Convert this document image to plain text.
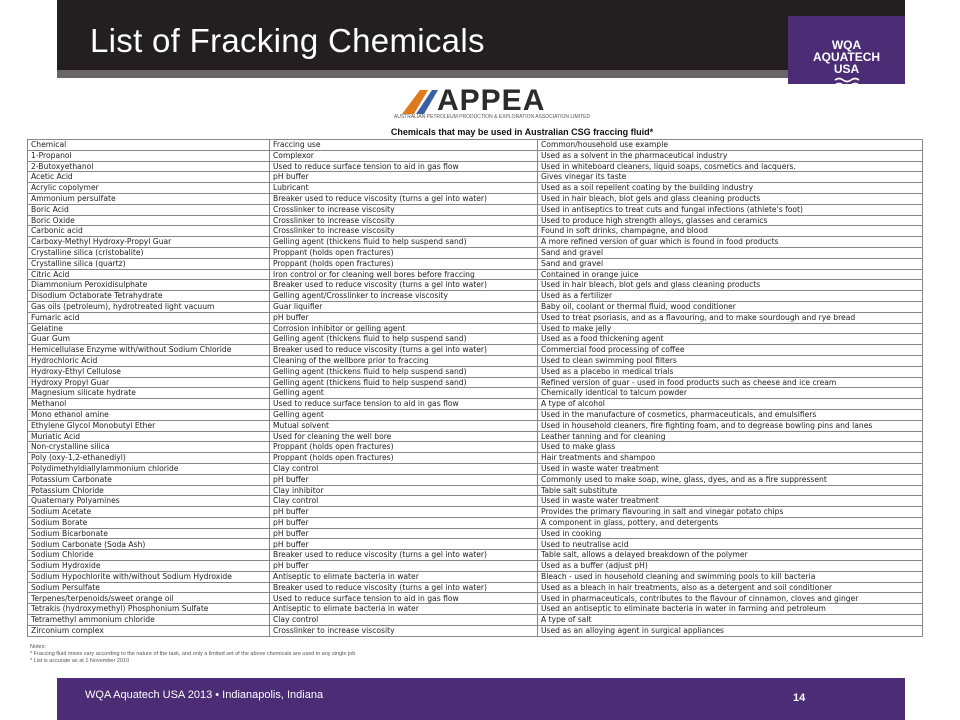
List of Fracking Chemicals	WQA
AQUATECH
USA
APPEA
AUSTRALIAN PETROLEUM PRODUCTION & EXPLORATION ASSOCIATION LIMITED
Chemicals that may be used in Australian CSG fraccing fluid*
Chemical	Fraccing use	Common/household use example
1-Propanol	Complexor	Used as a solvent in the pharmaceutical industry
2-Butoxyethanol	Used to reduce surface tension to aid in gas flow	Used in whiteboard cleaners, liquid soaps, cosmetics and lacquers.
Acetic Acid	pH buffer	Gives vinegar its taste
Acrylic copolymer	Lubricant	Used as a soil repellent coating by the building industry
Ammonium persulfate	Breaker used to reduce viscosity (turns a gel into water)	Used in hair bleach, blot gels and glass cleaning products
Boric Acid	Crosslinker to increase viscosity	Used in antiseptics to treat cuts and fungal infections (athlete's foot)
Boric Oxide	Crosslinker to increase viscosity	Used to produce high strength alloys, glasses and ceramics
Carbonic acid	Crosslinker to increase viscosity	Found in soft drinks, champagne, and blood
Carboxy-Methyl Hydroxy-Propyl Guar	Gelling agent (thickens fluid to help suspend sand)	A more refined version of guar which is found in food products
Crystalline silica (cristobalite)	Proppant (holds open fractures)	Sand and gravel
Crystalline silica (quartz)	Proppant (holds open fractures)	Sand and gravel
Citric Acid	Iron control or for cleaning well bores before fraccing	Contained in orange juice
Diammonium Peroxidisulphate	Breaker used to reduce viscosity (turns a gel into water)	Used in hair bleach, blot gels and glass cleaning products
Disodium Octaborate Tetrahydrate	Gelling agent/Crosslinker to increase viscosity	Used as a fertilizer
Gas oils (petroleum), hydrotreated light vacuum	Guar liquifier	Baby oil, coolant or thermal fluid, wood conditioner
Fumaric acid	pH buffer	Used to treat psoriasis, and as a flavouring, and to make sourdough and rye bread
Gelatine	Corrosion inhibitor or gelling agent	Used to make jelly
Guar Gum	Gelling agent (thickens fluid to help suspend sand)	Used as a food thickening agent
Hemicellulase Enzyme with/without Sodium Chloride	Breaker used to reduce viscosity (turns a gel into water)	Commercial food processing of coffee
Hydrochloric Acid	Cleaning of the wellbore prior to fraccing	Used to clean swimming pool filters
Hydroxy-Ethyl Cellulose	Gelling agent (thickens fluid to help suspend sand)	Used as a placebo in medical trials
Hydroxy Propyl Guar	Gelling agent (thickens fluid to help suspend sand)	Refined version of guar - used in food products such as cheese and ice cream
Magnesium silicate hydrate	Gelling agent	Chemically identical to talcum powder
Methanol	Used to reduce surface tension to aid in gas flow	A type of alcohol
Mono ethanol amine	Gelling agent	Used in the manufacture of cosmetics, pharmaceuticals, and emulsifiers
Ethylene Glycol Monobutyl Ether	Mutual solvent	Used in household cleaners, fire fighting foam, and to degrease bowling pins and lanes
Muriatic Acid	Used for cleaning the well bore	Leather tanning and for cleaning
Non-crystalline silica	Proppant (holds open fractures)	Used to make glass
Poly (oxy-1,2-ethanediyl)	Proppant (holds open fractures)	Hair treatments and shampoo
Polydimethyldiallylammonium chloride	Clay control	Used in waste water treatment
Potassium Carbonate	pH buffer	Commonly used to make soap, wine, glass, dyes, and as a fire suppressent
Potassium Chloride	Clay inhibitor	Table salt substitute
Quaternary Polyamines	Clay control	Used in waste water treatment
Sodium Acetate	pH buffer	Provides the primary flavouring in salt and vinegar potato chips
Sodium Borate	pH buffer	A component in glass, pottery, and detergents
Sodium Bicarbonate	pH buffer	Used in cooking
Sodium Carbonate (Soda Ash)	pH buffer	Used to neutralise acid
Sodium Chloride	Breaker used to reduce viscosity (turns a gel into water)	Table salt, allows a delayed breakdown of the polymer
Sodium Hydroxide	pH buffer	Used as a buffer (adjust pH)
Sodium Hypochlorite with/without Sodium Hydroxide	Antiseptic to elimate bacteria in water	Bleach - used in household cleaning and swimming pools to kill bacteria
Sodium Persulfate	Breaker used to reduce viscosity (turns a gel into water)	Used as a bleach in hair treatments, also as a detergent and soil conditioner
Terpenes/terpenoids/sweet orange oil	Used to reduce surface tension to aid in gas flow	Used in pharmaceuticals, contributes to the flavour of cinnamon, cloves and ginger
Tetrakis (hydroxymethyl) Phosphonium Sulfate	Antiseptic to elimate bacteria in water	Used an antiseptic to eliminate bacteria in water in farming and petroleum
Tetramethyl ammonium chloride	Clay control	A type of salt
Zirconium complex	Crosslinker to increase viscosity	Used as an alloying agent in surgical appliances
Notes:
* Fraccing fluid mixes vary according to the nature of the task, and only a limited set of the above chemicals are used in any single job
* List is accurate as at 1 November 2010
WQA Aquatech USA 2013 • Indianapolis, Indiana	14
